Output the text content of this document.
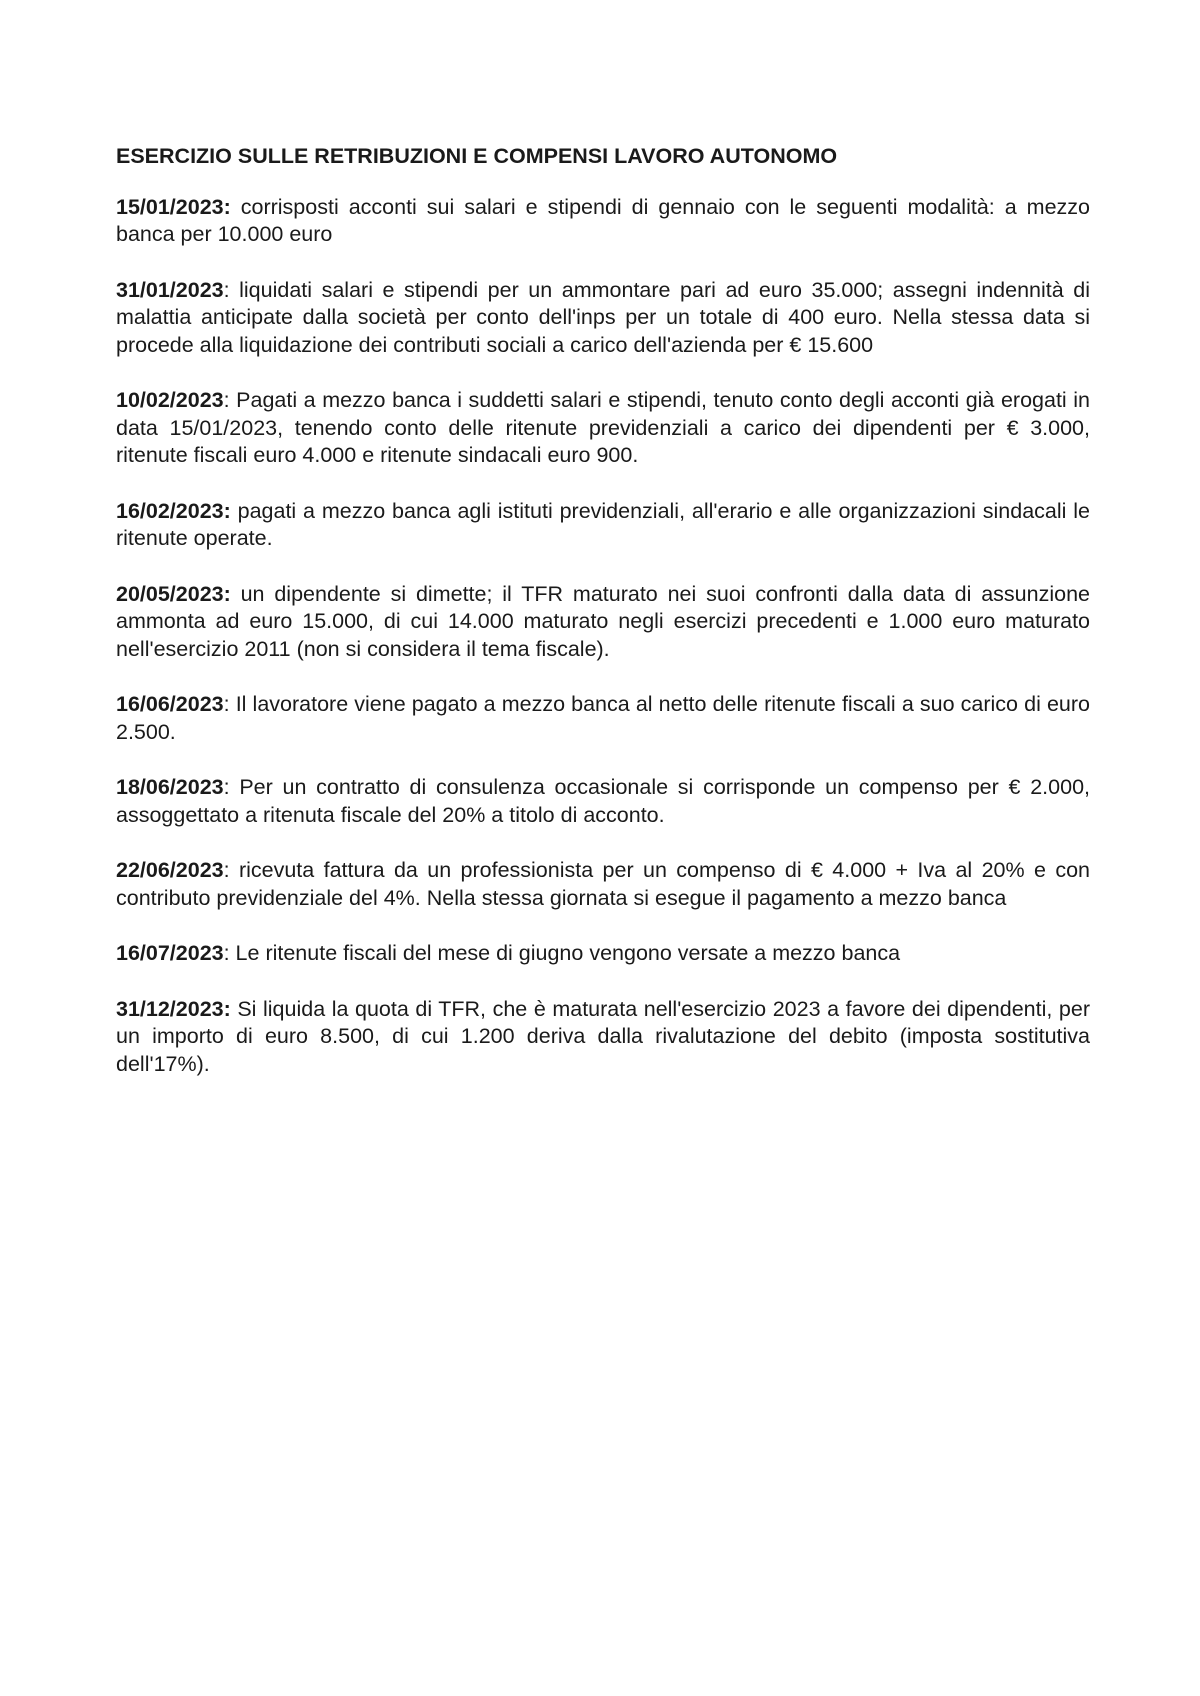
ESERCIZIO SULLE RETRIBUZIONI E COMPENSI LAVORO AUTONOMO

15/01/2023: corrisposti acconti sui salari e stipendi di gennaio con le seguenti modalità: a mezzo banca per 10.000 euro

31/01/2023: liquidati salari e stipendi per un ammontare pari ad euro 35.000; assegni indennità di malattia anticipate dalla società per conto dell'inps per un totale di 400 euro. Nella stessa data si procede alla liquidazione dei contributi sociali a carico dell'azienda per € 15.600

10/02/2023: Pagati a mezzo banca i suddetti salari e stipendi, tenuto conto degli acconti già erogati in data 15/01/2023, tenendo conto delle ritenute previdenziali a carico dei dipendenti per € 3.000, ritenute fiscali euro 4.000 e ritenute sindacali euro 900.

16/02/2023: pagati a mezzo banca agli istituti previdenziali, all'erario e alle organizzazioni sindacali le ritenute operate.

20/05/2023: un dipendente si dimette; il TFR maturato nei suoi confronti dalla data di assunzione ammonta ad euro 15.000, di cui 14.000 maturato negli esercizi precedenti e 1.000 euro maturato nell'esercizio 2011 (non si considera il tema fiscale).

16/06/2023: Il lavoratore viene pagato a mezzo banca al netto delle ritenute fiscali a suo carico di euro 2.500.

18/06/2023: Per un contratto di consulenza occasionale si corrisponde un compenso per € 2.000, assoggettato a ritenuta fiscale del 20% a titolo di acconto.

22/06/2023: ricevuta fattura da un professionista per un compenso di € 4.000 + Iva al 20% e con contributo previdenziale del 4%. Nella stessa giornata si esegue il pagamento a mezzo banca

16/07/2023: Le ritenute fiscali del mese di giugno vengono versate a mezzo banca

31/12/2023: Si liquida la quota di TFR, che è maturata nell'esercizio 2023 a favore dei dipendenti, per un importo di euro 8.500, di cui 1.200 deriva dalla rivalutazione del debito (imposta sostitutiva dell'17%).
